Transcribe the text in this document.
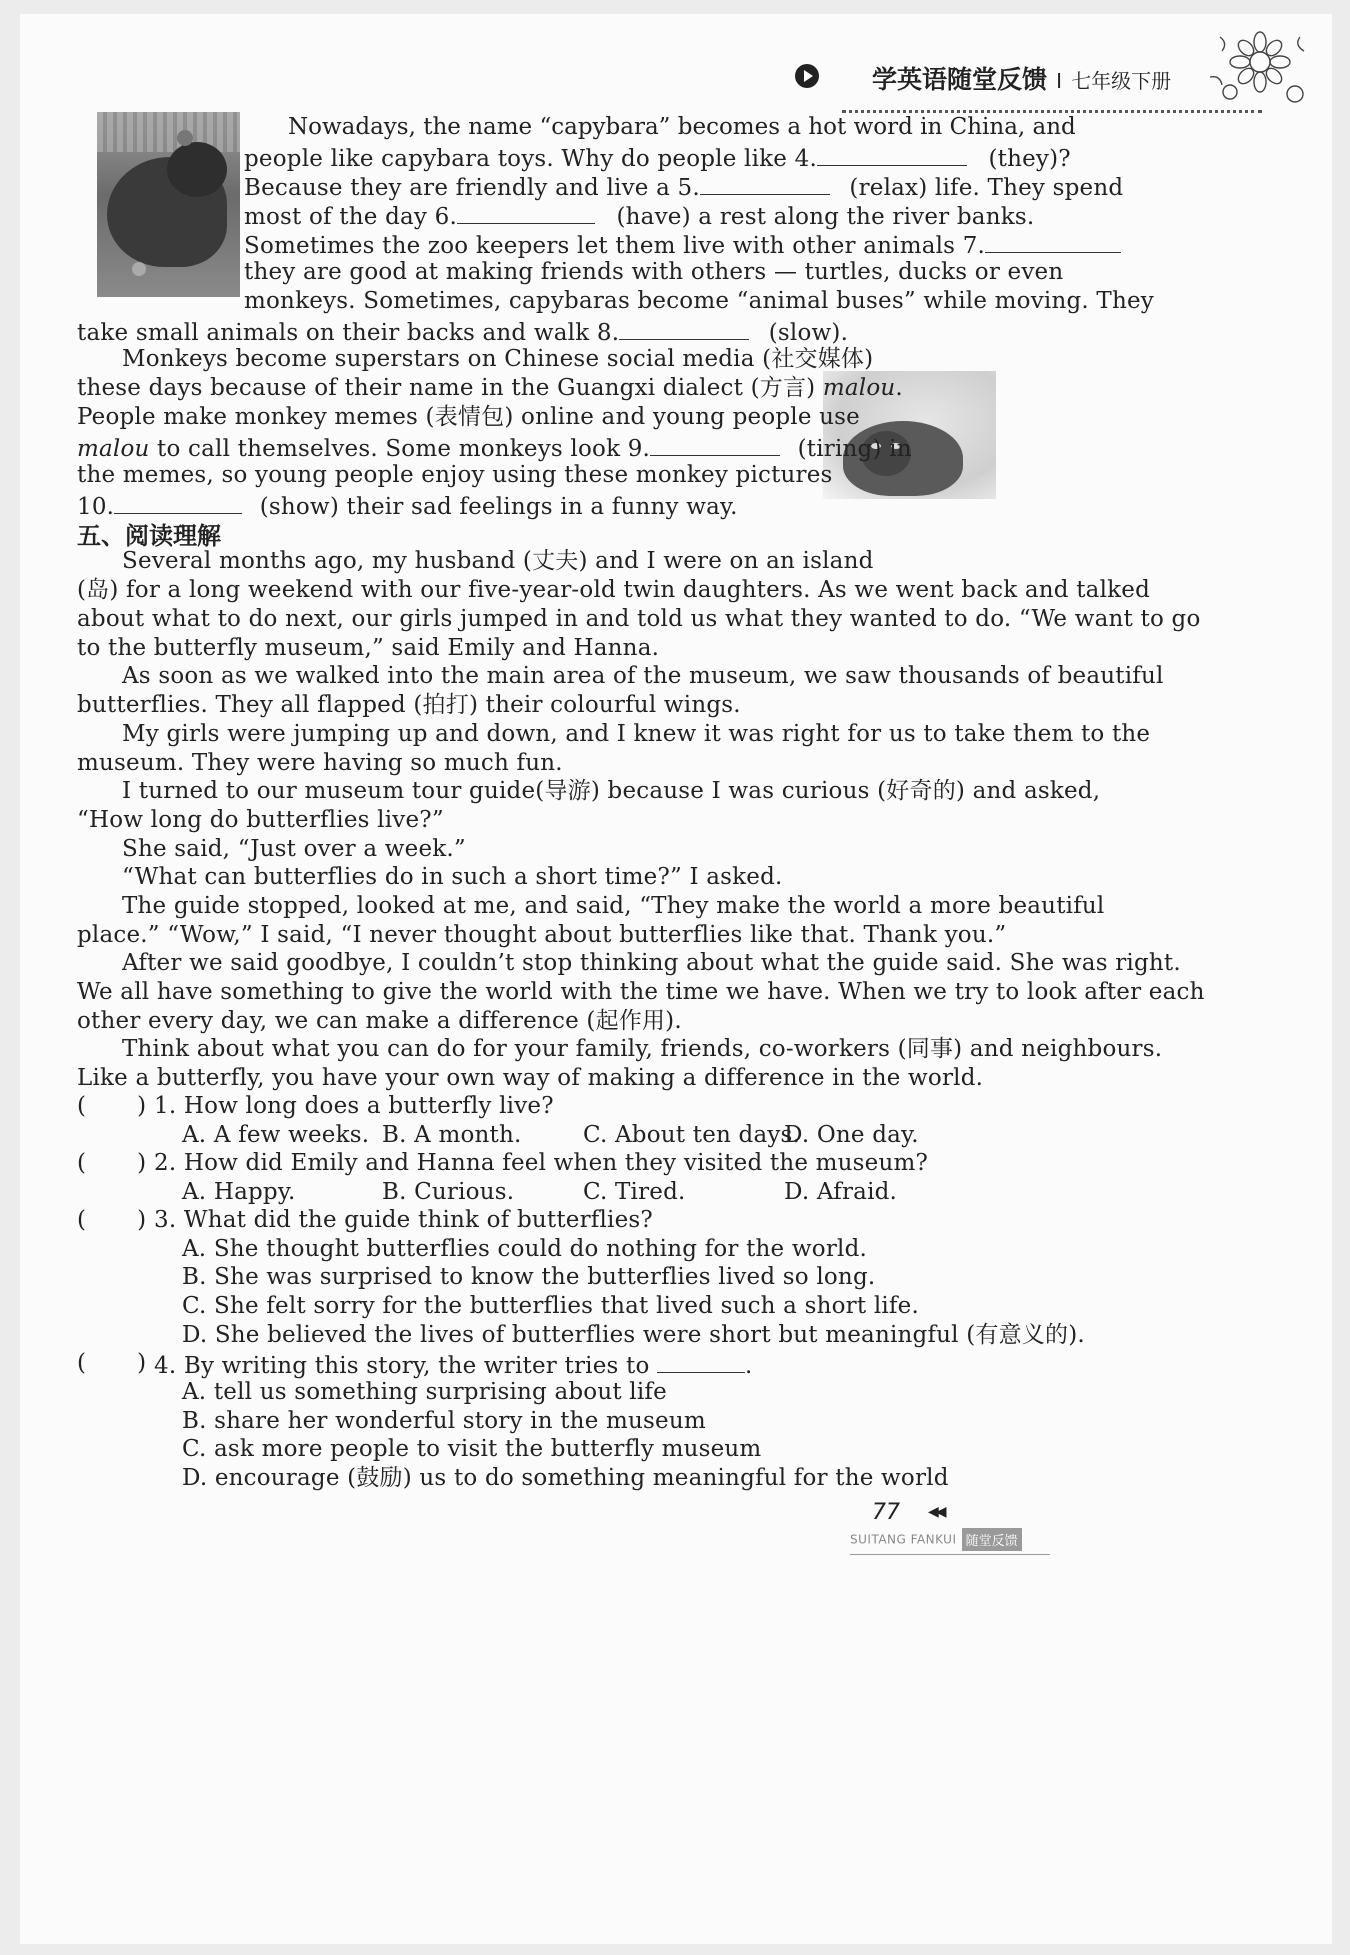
学英语随堂反馈 I 七年级下册
Nowadays, the name “capybara” becomes a hot word in China, and
people like capybara toys. Why do people like 4.	(they)?
Because they are friendly and live a 5.	(relax) life. They spend
most of the day 6.	(have) a rest along the river banks.
Sometimes the zoo keepers let them live with other animals 7.
they are good at making friends with others — turtles, ducks or even
monkeys. Sometimes, capybaras become “animal buses” while moving. They
take small animals on their backs and walk 8.	(slow).
Monkeys become superstars on Chinese social media (社交媒体)
these days because of their name in the Guangxi dialect (方言) malou.
People make monkey memes (表情包) online and young people use
malou to call themselves. Some monkeys look 9.	(tiring) in
the memes, so young people enjoy using these monkey pictures
10.	(show) their sad feelings in a funny way.
五、阅读理解
Several months ago, my husband (丈夫) and I were on an island
(岛) for a long weekend with our five-year-old twin daughters. As we went back and talked
about what to do next, our girls jumped in and told us what they wanted to do. “We want to go
to the butterfly museum,” said Emily and Hanna.
As soon as we walked into the main area of the museum, we saw thousands of beautiful
butterflies. They all flapped (拍打) their colourful wings.
My girls were jumping up and down, and I knew it was right for us to take them to the
museum. They were having so much fun.
I turned to our museum tour guide(导游) because I was curious (好奇的) and asked,
“How long do butterflies live?”
She said, “Just over a week.”
“What can butterflies do in such a short time?” I asked.
The guide stopped, looked at me, and said, “They make the world a more beautiful
place.” “Wow,” I said, “I never thought about butterflies like that. Thank you.”
After we said goodbye, I couldn’t stop thinking about what the guide said. She was right.
We all have something to give the world with the time we have. When we try to look after each
other every day, we can make a difference (起作用).
Think about what you can do for your family, friends, co-workers (同事) and neighbours.
Like a butterfly, you have your own way of making a difference in the world.
(       ) 1. How long does a butterfly live?
A. A few weeks. B. A month.	C. About ten days.
D. One day.
(       ) 2. How did Emily and Hanna feel when they visited the museum?
A. Happy.	B. Curious.	C. Tired.	D. Afraid.
(       ) 3. What did the guide think of butterflies?
A. She thought butterflies could do nothing for the world.
B. She was surprised to know the butterflies lived so long.
C. She felt sorry for the butterflies that lived such a short life.
D. She believed the lives of butterflies were short but meaningful (有意义的).
(       ) 4. By writing this story, the writer tries to	.
A. tell us something surprising about life
B. share her wonderful story in the museum
C. ask more people to visit the butterfly museum
D. encourage (鼓励) us to do something meaningful for the world
77 ◀◀
SUITANG FANKUI 随堂反馈
